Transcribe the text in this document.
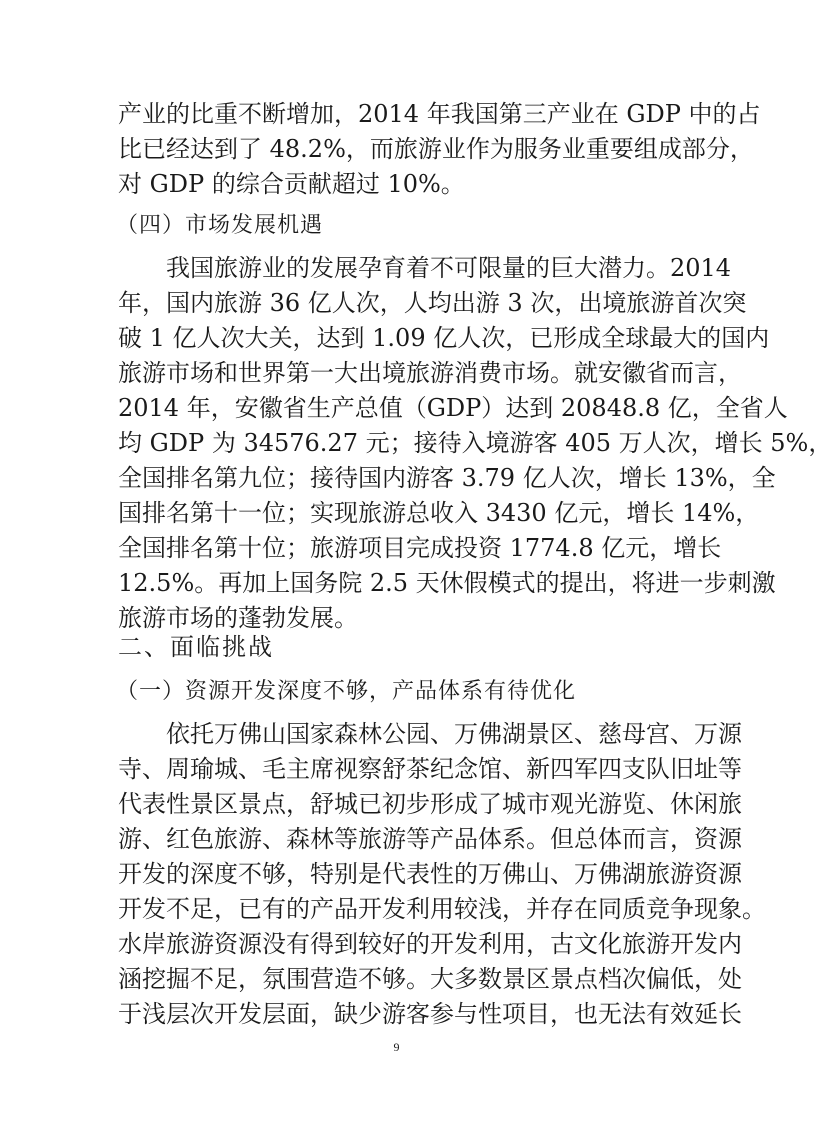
产业的比重不断增加，2014 年我国第三产业在 GDP 中的占
比已经达到了 48.2%，而旅游业作为服务业重要组成部分，
对 GDP 的综合贡献超过 10%。
（四）市场发展机遇
我国旅游业的发展孕育着不可限量的巨大潜力。2014
年，国内旅游 36 亿人次，人均出游 3 次，出境旅游首次突
破 1 亿人次大关，达到 1.09 亿人次，已形成全球最大的国内
旅游市场和世界第一大出境旅游消费市场。就安徽省而言，
2014 年，安徽省生产总值（GDP）达到 20848.8 亿，全省人
均 GDP 为 34576.27 元；接待入境游客 405 万人次，增长 5%，
全国排名第九位；接待国内游客 3.79 亿人次，增长 13%，全
国排名第十一位；实现旅游总收入 3430 亿元，增长 14%，
全国排名第十位；旅游项目完成投资 1774.8 亿元，增长
12.5%。再加上国务院 2.5 天休假模式的提出，将进一步刺激
旅游市场的蓬勃发展。
二、面临挑战
（一）资源开发深度不够，产品体系有待优化
依托万佛山国家森林公园、万佛湖景区、慈母宫、万源
寺、周瑜城、毛主席视察舒茶纪念馆、新四军四支队旧址等
代表性景区景点，舒城已初步形成了城市观光游览、休闲旅
游、红色旅游、森林等旅游等产品体系。但总体而言，资源
开发的深度不够，特别是代表性的万佛山、万佛湖旅游资源
开发不足，已有的产品开发利用较浅，并存在同质竞争现象。
水岸旅游资源没有得到较好的开发利用，古文化旅游开发内
涵挖掘不足，氛围营造不够。大多数景区景点档次偏低，处
于浅层次开发层面，缺少游客参与性项目，也无法有效延长
9
